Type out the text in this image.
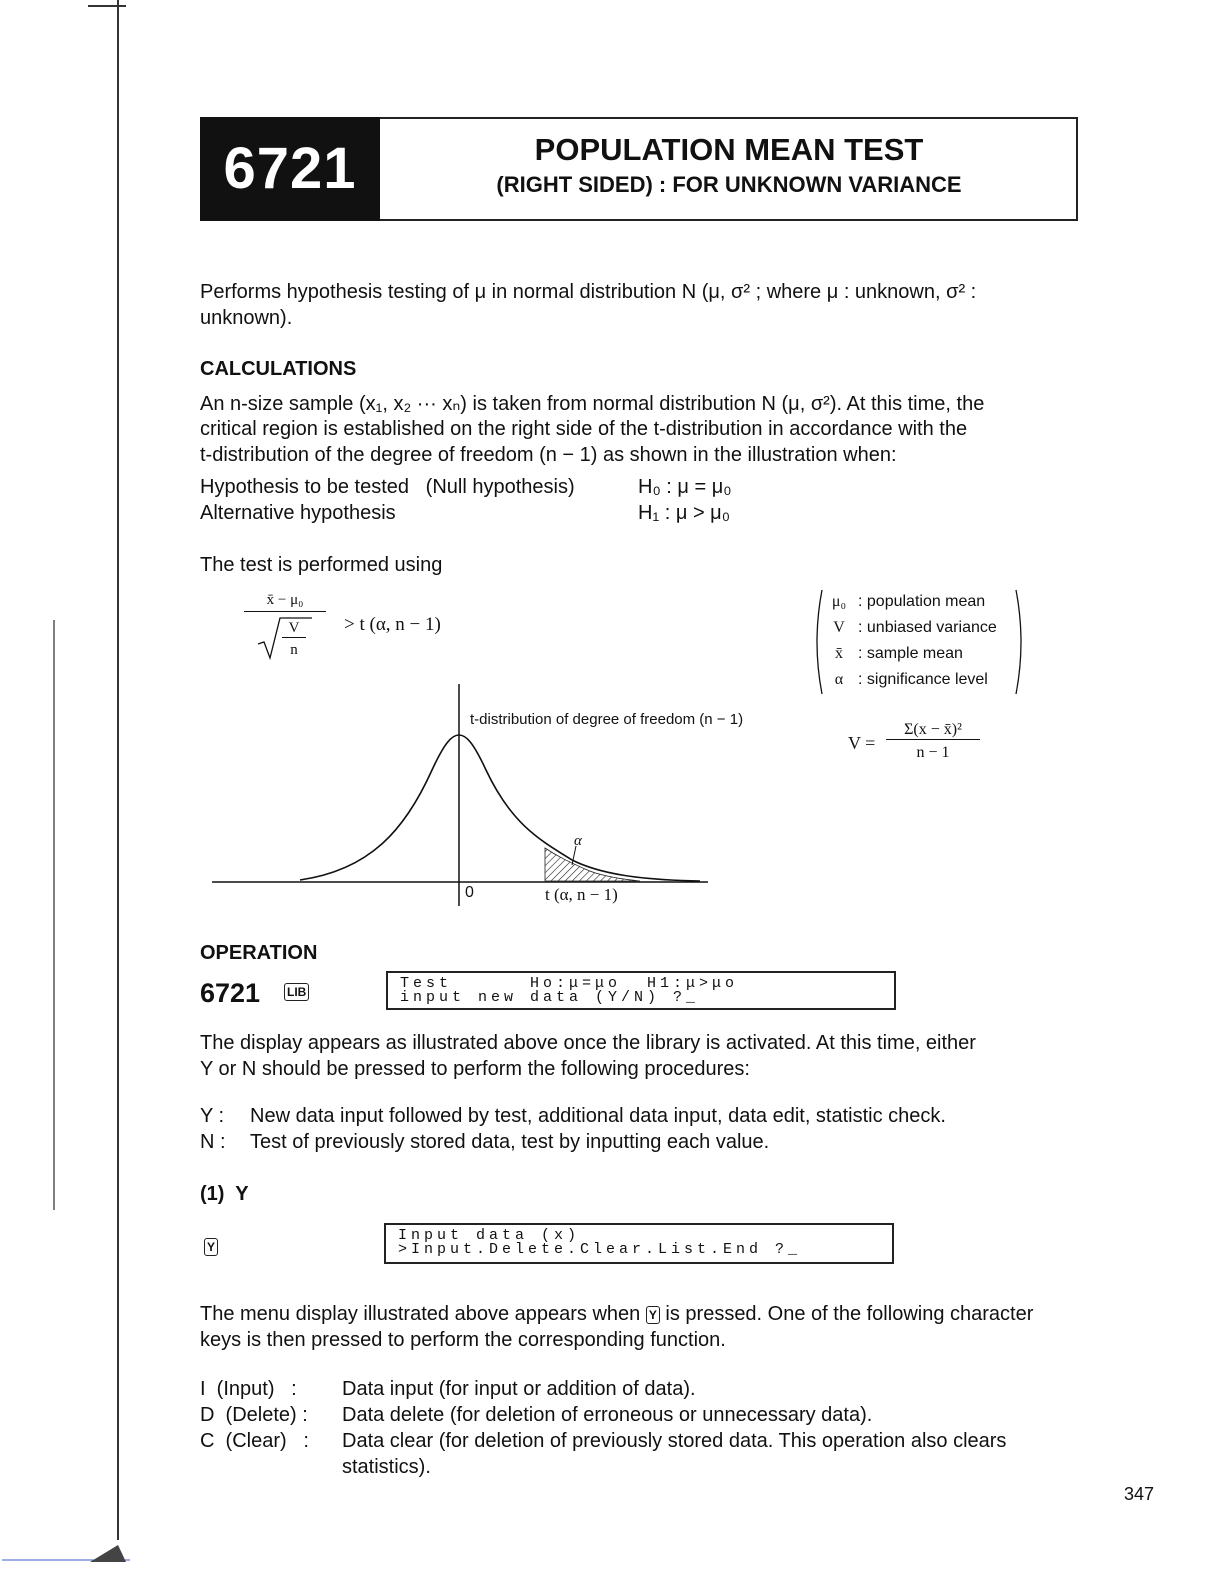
6721	POPULATION MEAN TEST
(RIGHT SIDED) : FOR UNKNOWN VARIANCE
Performs hypothesis testing of μ in normal distribution N (μ, σ² ; where μ : unknown, σ² :
unknown).
CALCULATIONS
An n-size sample (x₁, x₂ ··· xₙ) is taken from normal distribution N (μ, σ²). At this time, the
critical region is established on the right side of the t-distribution in accordance with the
t-distribution of the degree of freedom (n − 1) as shown in the illustration when:
Hypothesis to be tested   (Null hypothesis)	H₀ : μ = μ₀
Alternative hypothesis	H₁ : μ > μ₀
The test is performed using
x̄ − μ₀
V
n
> t (α, n − 1)
μ₀ : population mean
V : unbiased variance
x̄ : sample mean
α : significance level
V =
Σ(x − x̄)²
n − 1
t-distribution of degree of freedom (n − 1)
α
0	t (α, n − 1)
OPERATION
6721 LIB	Test      Ho:μ=μo  H1:μ>μo
input new data (Y/N) ?_
The display appears as illustrated above once the library is activated. At this time, either
Y or N should be pressed to perform the following procedures:
Y : New data input followed by test, additional data input, data edit, statistic check.
N : Test of previously stored data, test by inputting each value.
(1)  Y
Y
Input data (x)
>Input.Delete.Clear.List.End ?_
The menu display illustrated above appears when Y is pressed. One of the following character
keys is then pressed to perform the corresponding function.
I  (Input)   : Data input (for input or addition of data).
D  (Delete) : Data delete (for deletion of erroneous or unnecessary data).
C  (Clear)   : Data clear (for deletion of previously stored data. This operation also clears
statistics).
347
